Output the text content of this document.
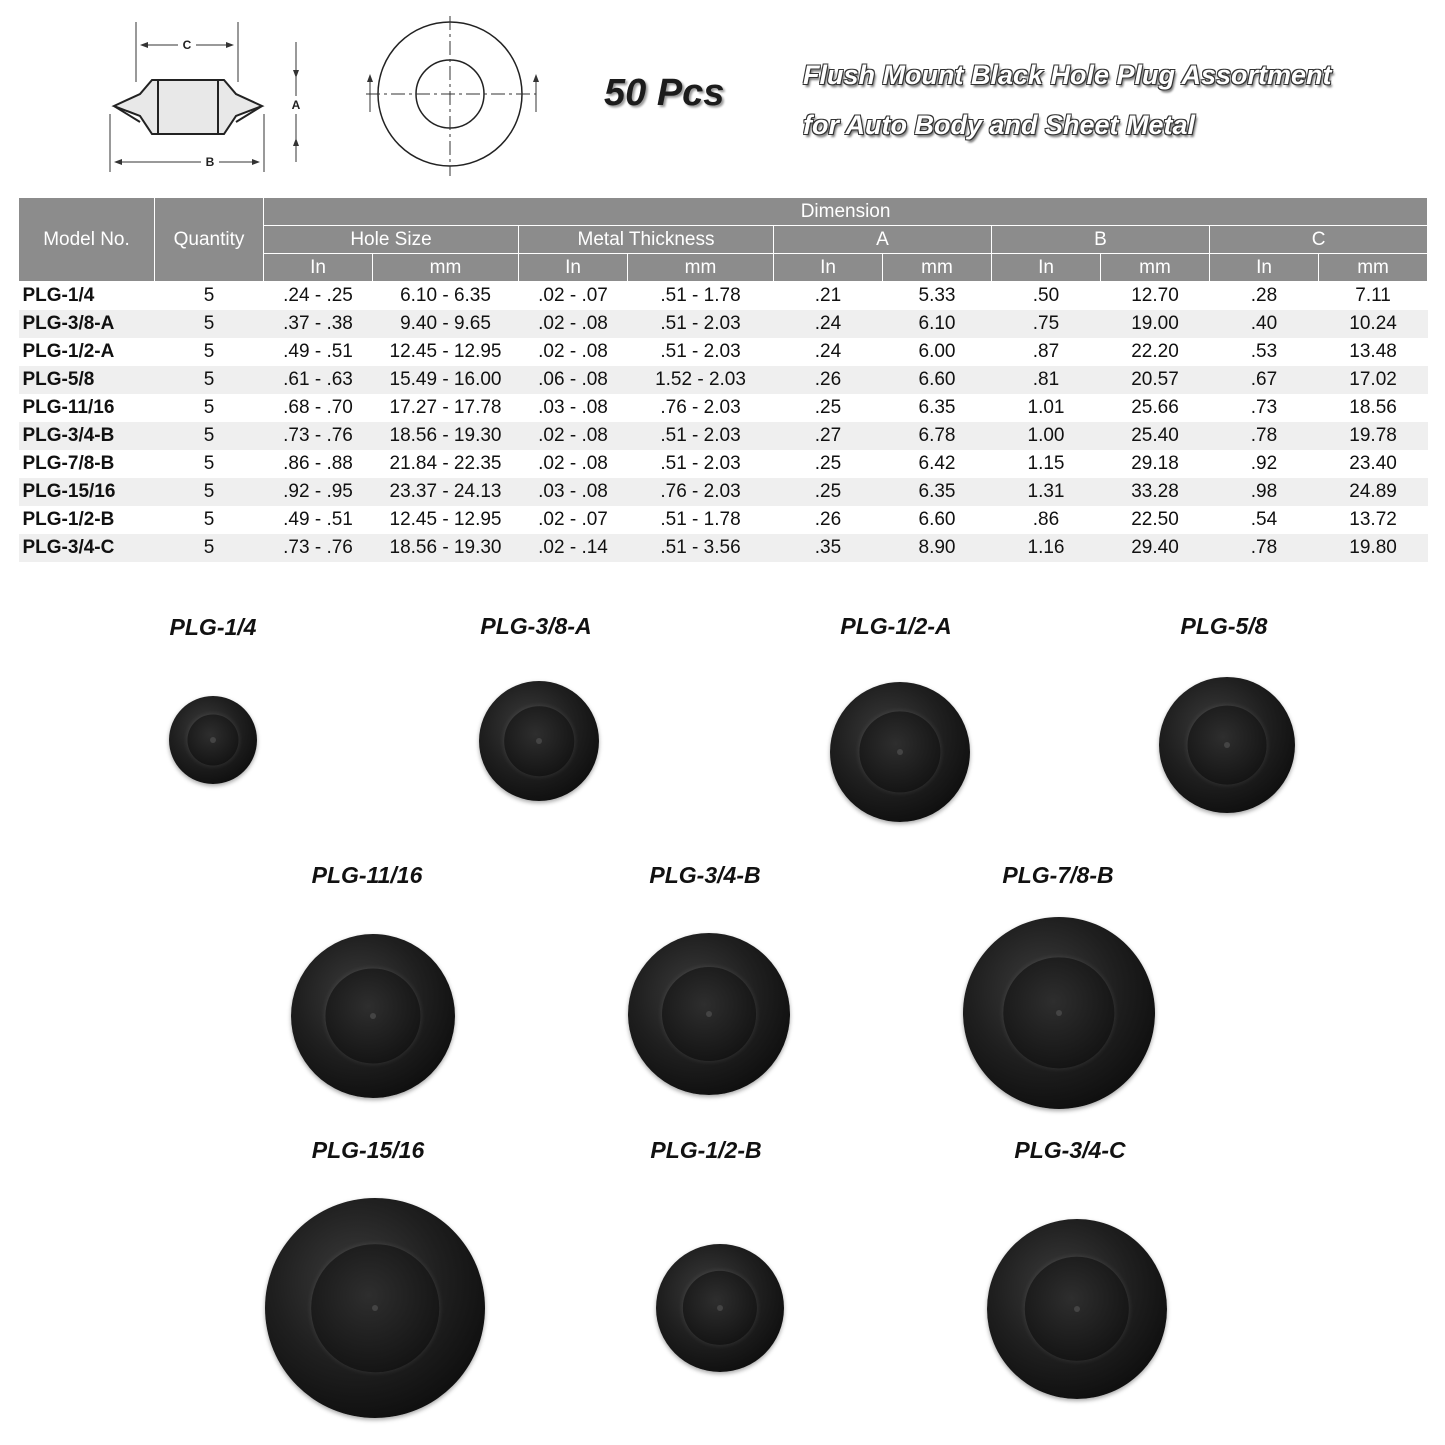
C
A
B
50 Pcs	Flush Mount Black Hole Plug Assortment
for Auto Body and Sheet Metal
Model No.	Quantity	Dimension									
		Hole Size		Metal Thickness		A		B		C	
		In	mm	In	mm	In	mm	In	mm	In	mm
PLG-1/4	5	.24 - .25	6.10 - 6.35	.02 - .07	.51 - 1.78	.21	5.33	.50	12.70	.28	7.11
PLG-3/8-A	5	.37 - .38	9.40 - 9.65	.02 - .08	.51 - 2.03	.24	6.10	.75	19.00	.40	10.24
PLG-1/2-A	5	.49 - .51	12.45 - 12.95	.02 - .08	.51 - 2.03	.24	6.00	.87	22.20	.53	13.48
PLG-5/8	5	.61 - .63	15.49 - 16.00	.06 - .08	1.52 - 2.03	.26	6.60	.81	20.57	.67	17.02
PLG-11/16	5	.68 - .70	17.27 - 17.78	.03 - .08	.76 - 2.03	.25	6.35	1.01	25.66	.73	18.56
PLG-3/4-B	5	.73 - .76	18.56 - 19.30	.02 - .08	.51 - 2.03	.27	6.78	1.00	25.40	.78	19.78
PLG-7/8-B	5	.86 - .88	21.84 - 22.35	.02 - .08	.51 - 2.03	.25	6.42	1.15	29.18	.92	23.40
PLG-15/16	5	.92 - .95	23.37 - 24.13	.03 - .08	.76 - 2.03	.25	6.35	1.31	33.28	.98	24.89
PLG-1/2-B	5	.49 - .51	12.45 - 12.95	.02 - .07	.51 - 1.78	.26	6.60	.86	22.50	.54	13.72
PLG-3/4-C	5	.73 - .76	18.56 - 19.30	.02 - .14	.51 - 3.56	.35	8.90	1.16	29.40	.78	19.80
PLG-1/4	PLG-3/8-A	PLG-1/2-A	PLG-5/8
PLG-11/16	PLG-3/4-B	PLG-7/8-B
PLG-15/16	PLG-1/2-B	PLG-3/4-C
